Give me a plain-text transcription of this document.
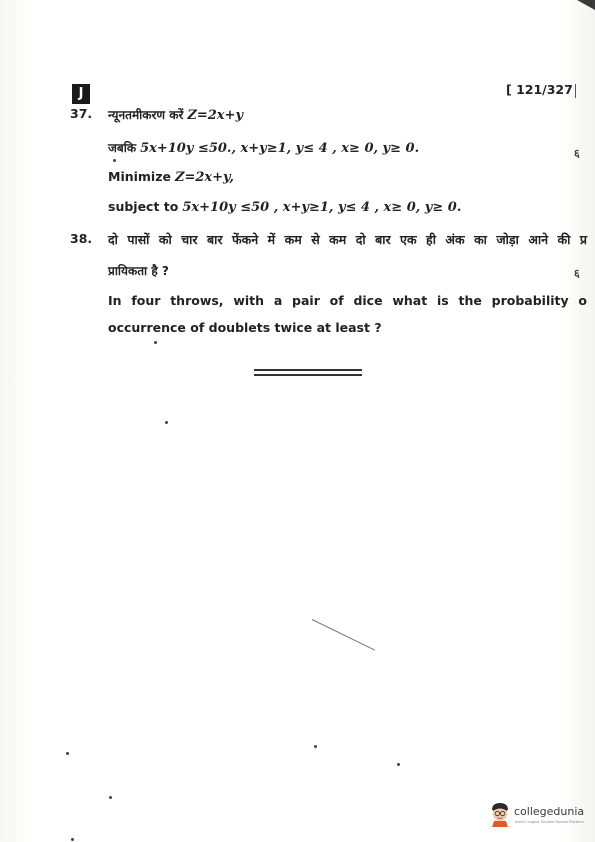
J	[ 121/327
37. न्यूनतमीकरण करें Z=2x+y
जबकि 5x+10y ≤50., x+y≥1, y≤ 4 , x≥ 0, y≥ 0.
Minimize Z=2x+y,
subject to 5x+10y ≤50 , x+y≥1, y≤ 4 , x≥ 0, y≥ 0.
38. दो पासों को चार बार फेंकने में कम से कम दो बार एक ही अंक का जोड़ा आने की प्र
प्रायिकता है ?
In four throws, with a pair of dice what is the probability o
occurrence of doublets twice at least ?
६
६
collegedunia
India's largest Student Review Platform
